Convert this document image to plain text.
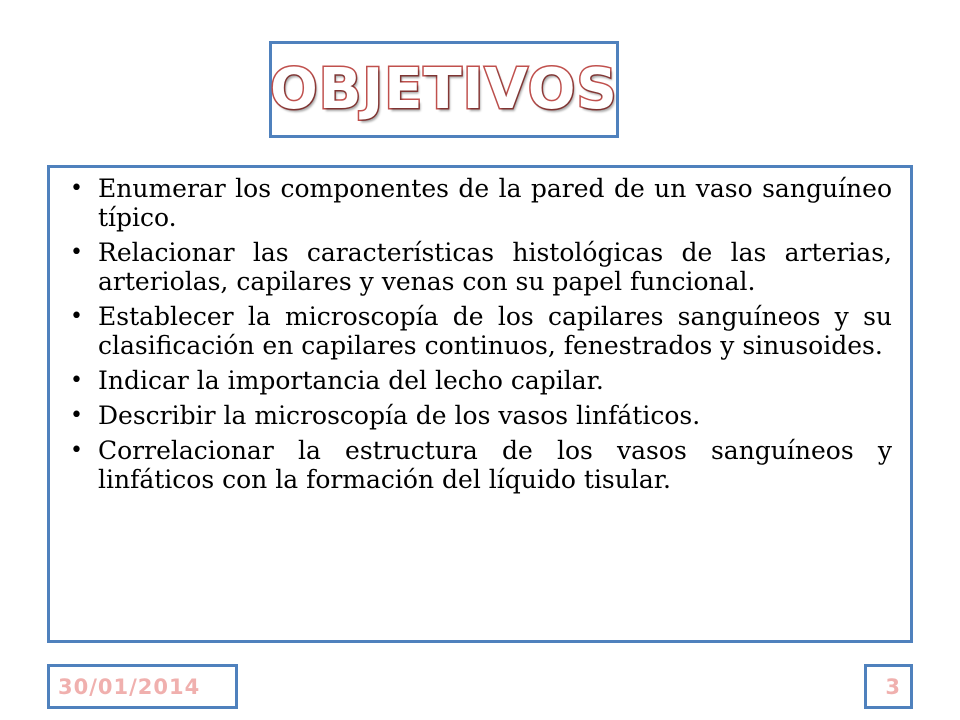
OBJETIVOS
• Enumerar los componentes de la pared de un vaso sanguíneo típico.
• Relacionar las características histológicas de las arterias, arteriolas, capilares y venas con su papel funcional.
• Establecer la microscopía de los capilares sanguíneos y su clasificación en capilares continuos, fenestrados y sinusoides.
• Indicar la importancia del lecho capilar.
• Describir la microscopía de los vasos linfáticos.
• Correlacionar la estructura de los vasos sanguíneos y linfáticos con la formación del líquido tisular.
30/01/2014	3
